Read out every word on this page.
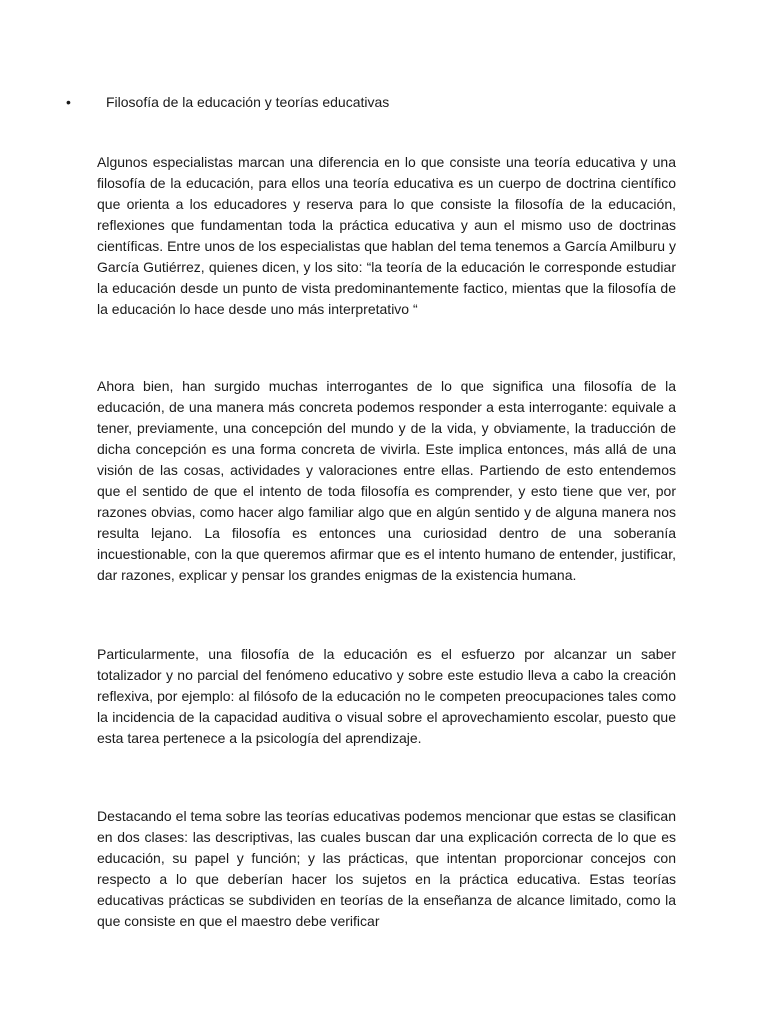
•	Filosofía de la educación y teorías educativas

Algunos especialistas marcan una diferencia en lo que consiste una teoría educativa y una filosofía de la educación, para ellos una teoría educativa es un cuerpo de doctrina científico que orienta a los educadores y reserva para lo que consiste la filosofía de la educación, reflexiones que fundamentan toda la práctica educativa y aun el mismo uso de doctrinas científicas. Entre unos de los especialistas que hablan del tema tenemos a García Amilburu y García Gutiérrez, quienes dicen, y los sito: “la teoría de la educación le corresponde estudiar la educación desde un punto de vista predominantemente factico, mientas que la filosofía de la educación lo hace desde uno más interpretativo “

Ahora bien, han surgido muchas interrogantes de lo que significa una filosofía de la educación, de una manera más concreta podemos responder a esta interrogante: equivale a tener, previamente, una concepción del mundo y de la vida, y obviamente, la traducción de dicha concepción es una forma concreta de vivirla. Este implica entonces, más allá de una visión de las cosas, actividades y valoraciones entre ellas. Partiendo de esto entendemos que el sentido de que el intento de toda filosofía es comprender, y esto tiene que ver, por razones obvias, como hacer algo familiar algo que en algún sentido y de alguna manera nos resulta lejano. La filosofía es entonces una curiosidad dentro de una soberanía incuestionable, con la que queremos afirmar que es el intento humano de entender, justificar, dar razones, explicar y pensar los grandes enigmas de la existencia humana.

Particularmente, una filosofía de la educación es el esfuerzo por alcanzar un saber totalizador y no parcial del fenómeno educativo y sobre este estudio lleva a cabo la creación reflexiva, por ejemplo: al filósofo de la educación no le competen preocupaciones tales como la incidencia de la capacidad auditiva o visual sobre el aprovechamiento escolar, puesto que esta tarea pertenece a la psicología del aprendizaje.

Destacando el tema sobre las teorías educativas podemos mencionar que estas se clasifican en dos clases: las descriptivas, las cuales buscan dar una explicación correcta de lo que es educación, su papel y función; y las prácticas, que intentan proporcionar concejos con respecto a lo que deberían hacer los sujetos en la práctica educativa. Estas teorías educativas prácticas se subdividen en teorías de la enseñanza de alcance limitado, como la que consiste en que el maestro debe verificar
